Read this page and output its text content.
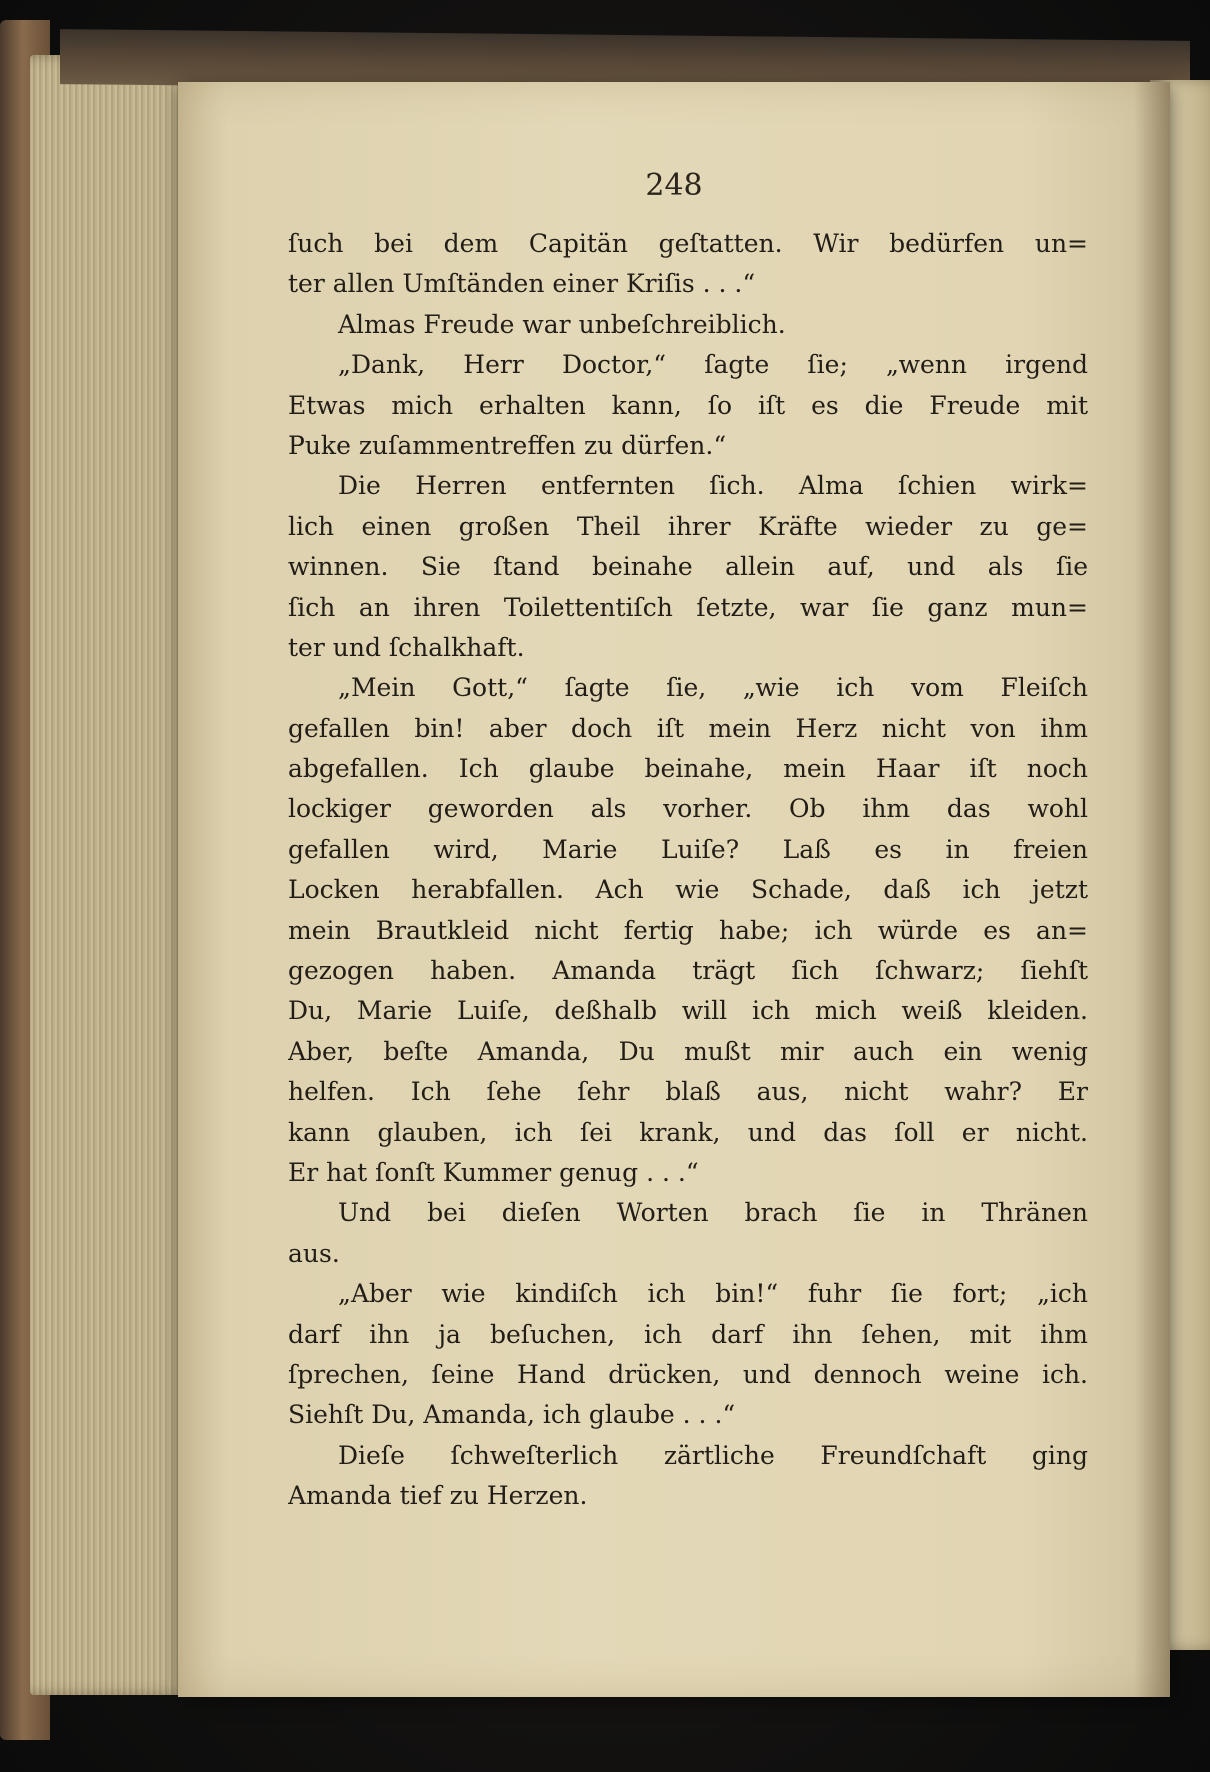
248

ſuch bei dem Capitän geſtatten. Wir bedürfen un=
ter allen Umſtänden einer Kriſis . . .“
Almas Freude war unbeſchreiblich.
„Dank, Herr Doctor,“ ſagte ſie; „wenn irgend
Etwas mich erhalten kann, ſo iſt es die Freude mit
Puke zuſammentreffen zu dürfen.“
Die Herren entfernten ſich. Alma ſchien wirk=
lich einen großen Theil ihrer Kräfte wieder zu ge=
winnen. Sie ſtand beinahe allein auf, und als ſie
ſich an ihren Toilettentiſch ſetzte, war ſie ganz mun=
ter und ſchalkhaft.
„Mein Gott,“ ſagte ſie, „wie ich vom Fleiſch
gefallen bin! aber doch iſt mein Herz nicht von ihm
abgefallen. Ich glaube beinahe, mein Haar iſt noch
lockiger geworden als vorher. Ob ihm das wohl
gefallen wird, Marie Luiſe? Laß es in freien
Locken herabfallen. Ach wie Schade, daß ich jetzt
mein Brautkleid nicht fertig habe; ich würde es an=
gezogen haben. Amanda trägt ſich ſchwarz; ſiehſt
Du, Marie Luiſe, deßhalb will ich mich weiß kleiden.
Aber, beſte Amanda, Du mußt mir auch ein wenig
helfen. Ich ſehe ſehr blaß aus, nicht wahr? Er
kann glauben, ich ſei krank, und das ſoll er nicht.
Er hat ſonſt Kummer genug . . .“
Und bei dieſen Worten brach ſie in Thränen
aus.
„Aber wie kindiſch ich bin!“ fuhr ſie fort; „ich
darf ihn ja beſuchen, ich darf ihn ſehen, mit ihm
ſprechen, ſeine Hand drücken, und dennoch weine ich.
Siehſt Du, Amanda, ich glaube . . .“
Dieſe ſchweſterlich zärtliche Freundſchaft ging
Amanda tief zu Herzen.
